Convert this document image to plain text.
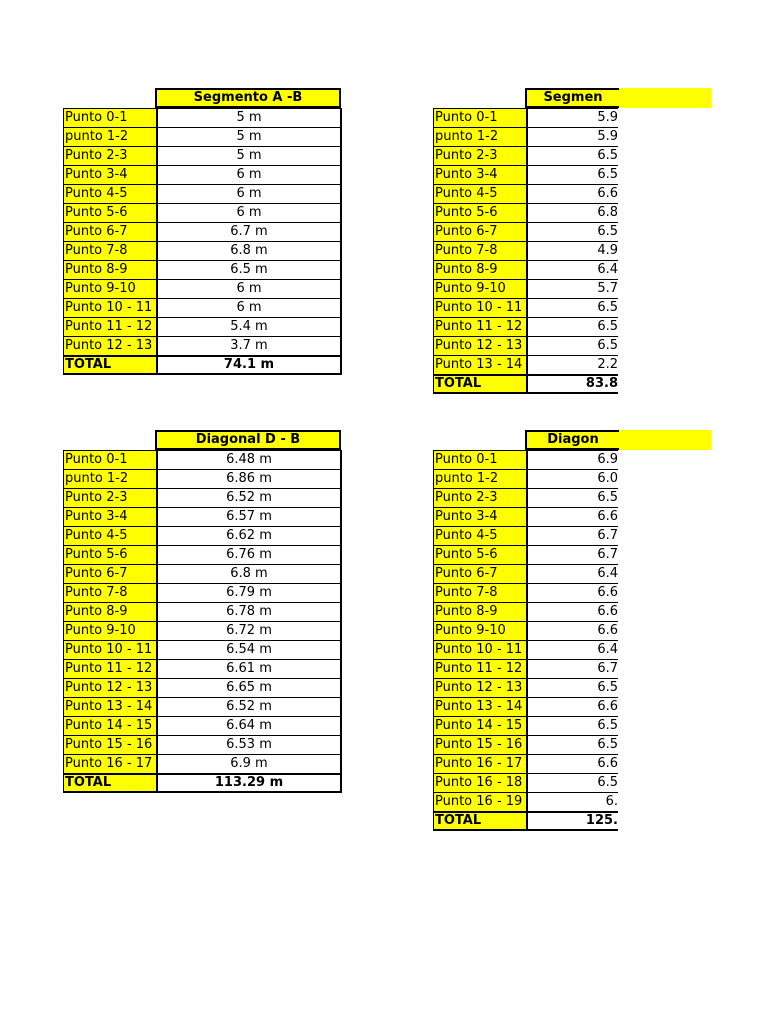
Segmento A -B
Punto 0-1	5 m
punto 1-2	5 m
Punto 2-3	5 m
Punto 3-4	6 m
Punto 4-5	6 m
Punto 5-6	6 m
Punto 6-7	6.7 m
Punto 7-8	6.8 m
Punto 8-9	6.5 m
Punto 9-10	6 m
Punto 10 - 11	6 m
Punto 11 - 12	5.4 m
Punto 12 - 13	3.7 m
TOTAL	74.1 m
Segmen
Punto 0-1	5.9
punto 1-2	5.9
Punto 2-3	6.5
Punto 3-4	6.5
Punto 4-5	6.6
Punto 5-6	6.8
Punto 6-7	6.5
Punto 7-8	4.9
Punto 8-9	6.4
Punto 9-10	5.7
Punto 10 - 11	6.5
Punto 11 - 12	6.5
Punto 12 - 13	6.5
Punto 13 - 14	2.2
TOTAL	83.8
Diagonal D - B
Punto 0-1	6.48 m
punto 1-2	6.86 m
Punto 2-3	6.52 m
Punto 3-4	6.57 m
Punto 4-5	6.62 m
Punto 5-6	6.76 m
Punto 6-7	6.8 m
Punto 7-8	6.79 m
Punto 8-9	6.78 m
Punto 9-10	6.72 m
Punto 10 - 11	6.54 m
Punto 11 - 12	6.61 m
Punto 12 - 13	6.65 m
Punto 13 - 14	6.52 m
Punto 14 - 15	6.64 m
Punto 15 - 16	6.53 m
Punto 16 - 17	6.9 m
TOTAL	113.29 m
Diagon
Punto 0-1	6.9
punto 1-2	6.0
Punto 2-3	6.5
Punto 3-4	6.6
Punto 4-5	6.7
Punto 5-6	6.7
Punto 6-7	6.4
Punto 7-8	6.6
Punto 8-9	6.6
Punto 9-10	6.6
Punto 10 - 11	6.4
Punto 11 - 12	6.7
Punto 12 - 13	6.5
Punto 13 - 14	6.6
Punto 14 - 15	6.5
Punto 15 - 16	6.5
Punto 16 - 17	6.6
Punto 16 - 18	6.5
Punto 16 - 19	6.
TOTAL	125.
